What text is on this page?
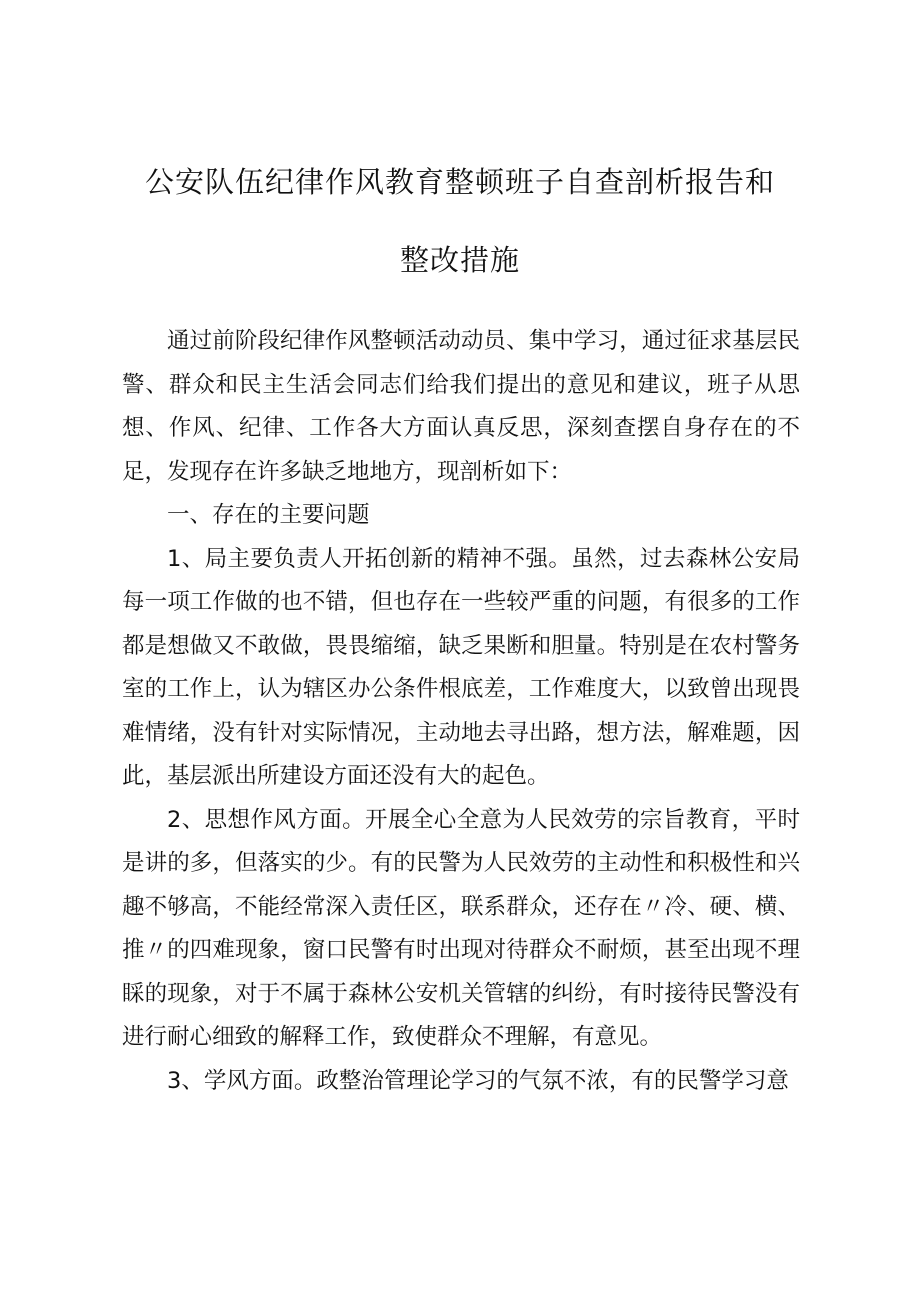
公安队伍纪律作风教育整顿班子自查剖析报告和
整改措施

通过前阶段纪律作风整顿活动动员、集中学习，通过征求基层民警、群众和民主生活会同志们给我们提出的意见和建议，班子从思想、作风、纪律、工作各大方面认真反思，深刻查摆自身存在的不足，发现存在许多缺乏地地方，现剖析如下：

一、存在的主要问题

1、局主要负责人开拓创新的精神不强。虽然，过去森林公安局每一项工作做的也不错，但也存在一些较严重的问题，有很多的工作都是想做又不敢做，畏畏缩缩，缺乏果断和胆量。特别是在农村警务室的工作上，认为辖区办公条件根底差，工作难度大，以致曾出现畏难情绪，没有针对实际情况，主动地去寻出路，想方法，解难题，因此，基层派出所建设方面还没有大的起色。

2、思想作风方面。开展全心全意为人民效劳的宗旨教育，平时是讲的多，但落实的少。有的民警为人民效劳的主动性和积极性和兴趣不够高，不能经常深入责任区，联系群众，还存在〃冷、硬、横、推〃的四难现象，窗口民警有时出现对待群众不耐烦，甚至出现不理睬的现象，对于不属于森林公安机关管辖的纠纷，有时接待民警没有进行耐心细致的解释工作，致使群众不理解，有意见。

3、学风方面。政整治管理论学习的气氛不浓，有的民警学习意
